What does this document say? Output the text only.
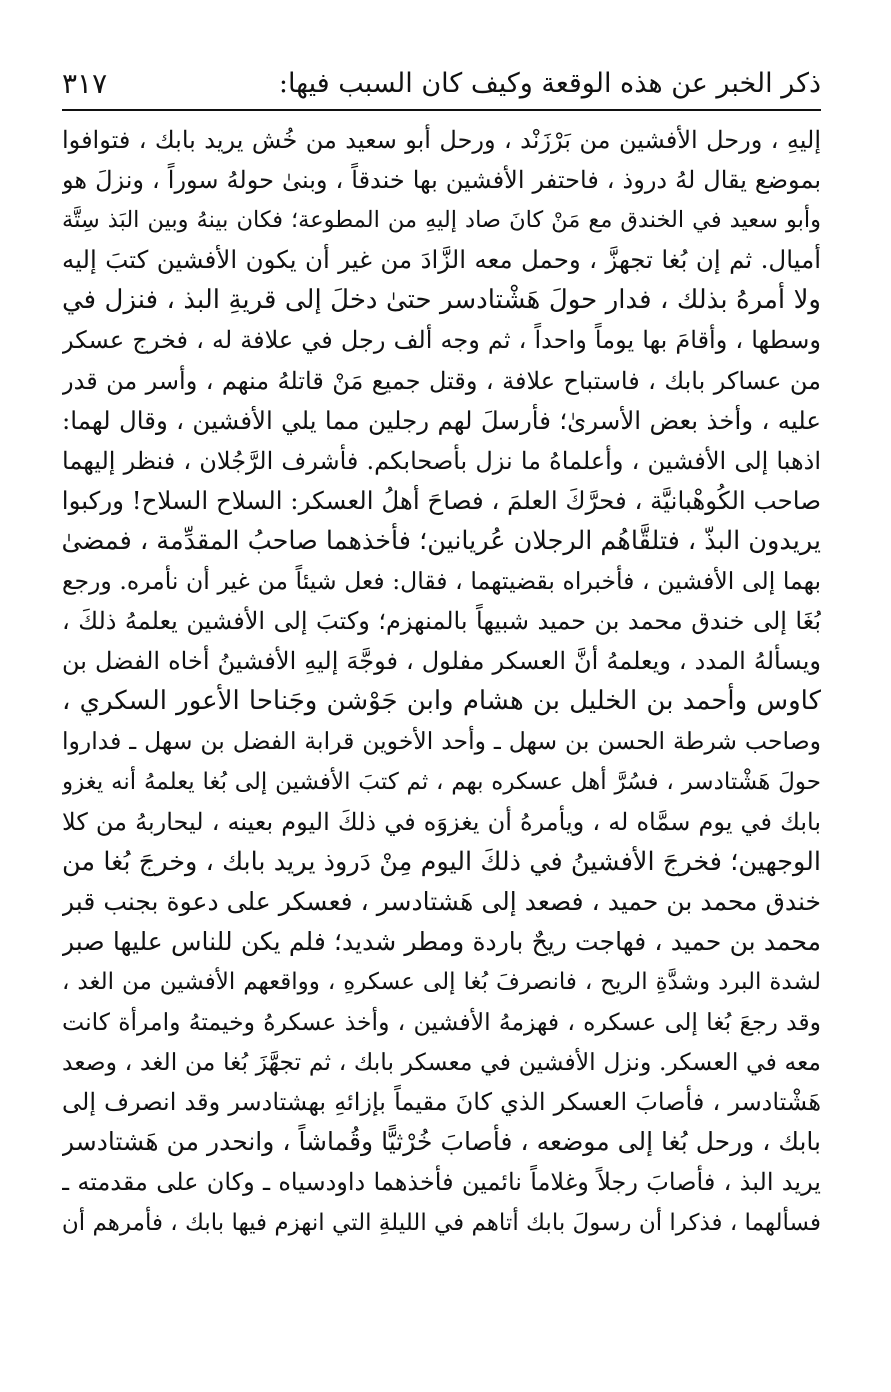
ذكر الخبر عن هذه الوقعة وكيف كان السبب فيها:
٣١٧
إليهِ ، ورحل الأفشين من بَرْزَنْد ، ورحل أبو سعيد من خُش يريد بابك ، فتوافوا
بموضع يقال لهُ دروذ ، فاحتفر الأفشين بها خندقاً ، وبنىٰ حولهُ سوراً ، ونزلَ هو
وأبو سعيد في الخندق مع مَنْ كانَ صاد إليهِ من المطوعة؛ فكان بينهُ وبين البَذ سِتَّة
أميال. ثم إن بُغا تجهزَّ ، وحمل معه الزَّادَ من غير أن يكون الأفشين كتبَ إليه
ولا أمرهُ بذلك ، فدار حولَ هَشْتادسر حتىٰ دخلَ إلى قريةِ البذ ، فنزل في
وسطها ، وأقامَ بها يوماً واحداً ، ثم وجه ألف رجل في علافة له ، فخرج عسكر
من عساكر بابك ، فاستباح علافة ، وقتل جميع مَنْ قاتلهُ منهم ، وأسر من قدر
عليه ، وأخذ بعض الأسرىٰ؛ فأرسلَ لهم رجلين مما يلي الأفشين ، وقال لهما:
اذهبا إلى الأفشين ، وأعلماهُ ما نزل بأصحابكم. فأشرف الرَّجُلان ، فنظر إليهما
صاحب الكُوهْبانيَّة ، فحرَّكَ العلمَ ، فصاحَ أهلُ العسكر: السلاح السلاح! وركبوا
يريدون البذّ ، فتلقَّاهُم الرجلان عُريانين؛ فأخذهما صاحبُ المقدِّمة ، فمضىٰ
بهما إلى الأفشين ، فأخبراه بقضيتهما ، فقال: فعل شيئاً من غير أن نأمره. ورجع
بُغَا إلى خندق محمد بن حميد شبيهاً بالمنهزم؛ وكتبَ إلى الأفشين يعلمهُ ذلكَ ،
ويسألهُ المدد ، ويعلمهُ أنَّ العسكر مفلول ، فوجَّهَ إليهِ الأفشينُ أخاه الفضل بن
كاوس وأحمد بن الخليل بن هشام وابن جَوْشن وجَناحا الأعور السكري ،
وصاحب شرطة الحسن بن سهل ـ وأحد الأخوين قرابة الفضل بن سهل ـ فداروا
حولَ هَشْتادسر ، فسُرَّ أهل عسكره بهم ، ثم كتبَ الأفشين إلى بُغا يعلمهُ أنه يغزو
بابك في يوم سمَّاه له ، ويأمرهُ أن يغزوَه في ذلكَ اليوم بعينه ، ليحاربهُ من كلا
الوجهين؛ فخرجَ الأفشينُ في ذلكَ اليوم مِنْ دَروذ يريد بابك ، وخرجَ بُغا من
خندق محمد بن حميد ، فصعد إلى هَشتادسر ، فعسكر على دعوة بجنب قبر
محمد بن حميد ، فهاجت ريحٌ باردة ومطر شديد؛ فلم يكن للناس عليها صبر
لشدة البرد وشدَّةِ الريح ، فانصرفَ بُغا إلى عسكرهِ ، وواقعهم الأفشين من الغد ،
وقد رجعَ بُغا إلى عسكره ، فهزمهُ الأفشين ، وأخذ عسكرهُ وخيمتهُ وامرأة كانت
معه في العسكر. ونزل الأفشين في معسكر بابك ، ثم تجهَّزَ بُغا من الغد ، وصعد
هَشْتادسر ، فأصابَ العسكر الذي كانَ مقيماً بإزائهِ بهشتادسر وقد انصرف إلى
بابك ، ورحل بُغا إلى موضعه ، فأصابَ خُرْثيًّا وقُماشاً ، وانحدر من هَشتادسر
يريد البذ ، فأصابَ رجلاً وغلاماً نائمين فأخذهما داودسياه ـ وكان على مقدمته ـ
فسألهما ، فذكرا أن رسولَ بابك أتاهم في الليلةِ التي انهزم فيها بابك ، فأمرهم أن
